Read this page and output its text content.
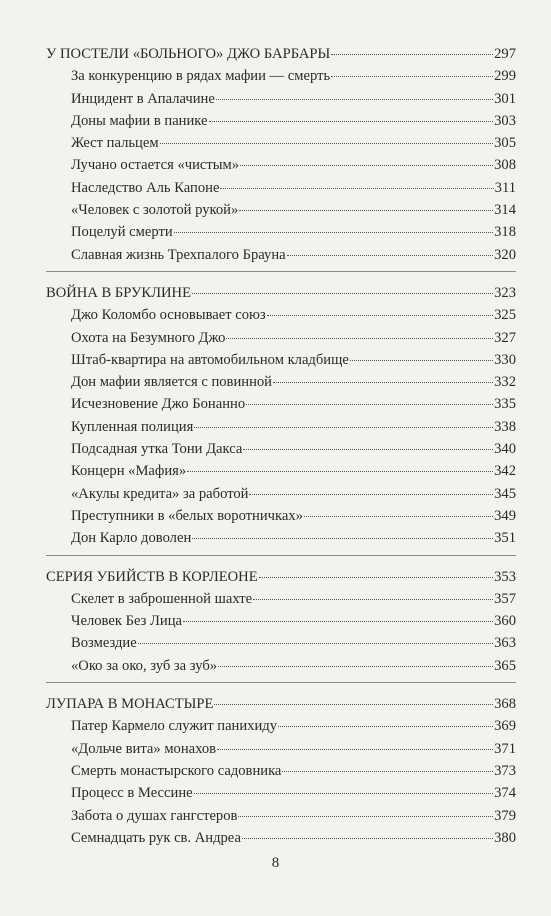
У ПОСТЕЛИ «БОЛЬНОГО» ДЖО БАРБАРЫ	297
За конкуренцию в рядах мафии — смерть	299
Инцидент в Апалачине	301
Доны мафии в панике	303
Жест пальцем	305
Лучано остается «чистым»	308
Наследство Аль Капоне	311
«Человек с золотой рукой»	314
Поцелуй смерти	318
Славная жизнь Трехпалого Брауна	320
ВОЙНА В БРУКЛИНЕ	323
Джо Коломбо основывает союз	325
Охота на Безумного Джо	327
Штаб-квартира на автомобильном кладбище	330
Дон мафии является с повинной	332
Исчезновение Джо Бонанно	335
Купленная полиция	338
Подсадная утка Тони Дакса	340
Концерн «Мафия»	342
«Акулы кредита» за работой	345
Преступники в «белых воротничках»	349
Дон Карло доволен	351
СЕРИЯ УБИЙСТВ В КОРЛЕОНЕ	353
Скелет в заброшенной шахте	357
Человек Без Лица	360
Возмездие	363
«Око за око, зуб за зуб»	365
ЛУПАРА В МОНАСТЫРЕ	368
Патер Кармело служит панихиду	369
«Дольче вита» монахов	371
Смерть монастырского садовника	373
Процесс в Мессине	374
Забота о душах гангстеров	379
Семнадцать рук св. Андреа	380
8
